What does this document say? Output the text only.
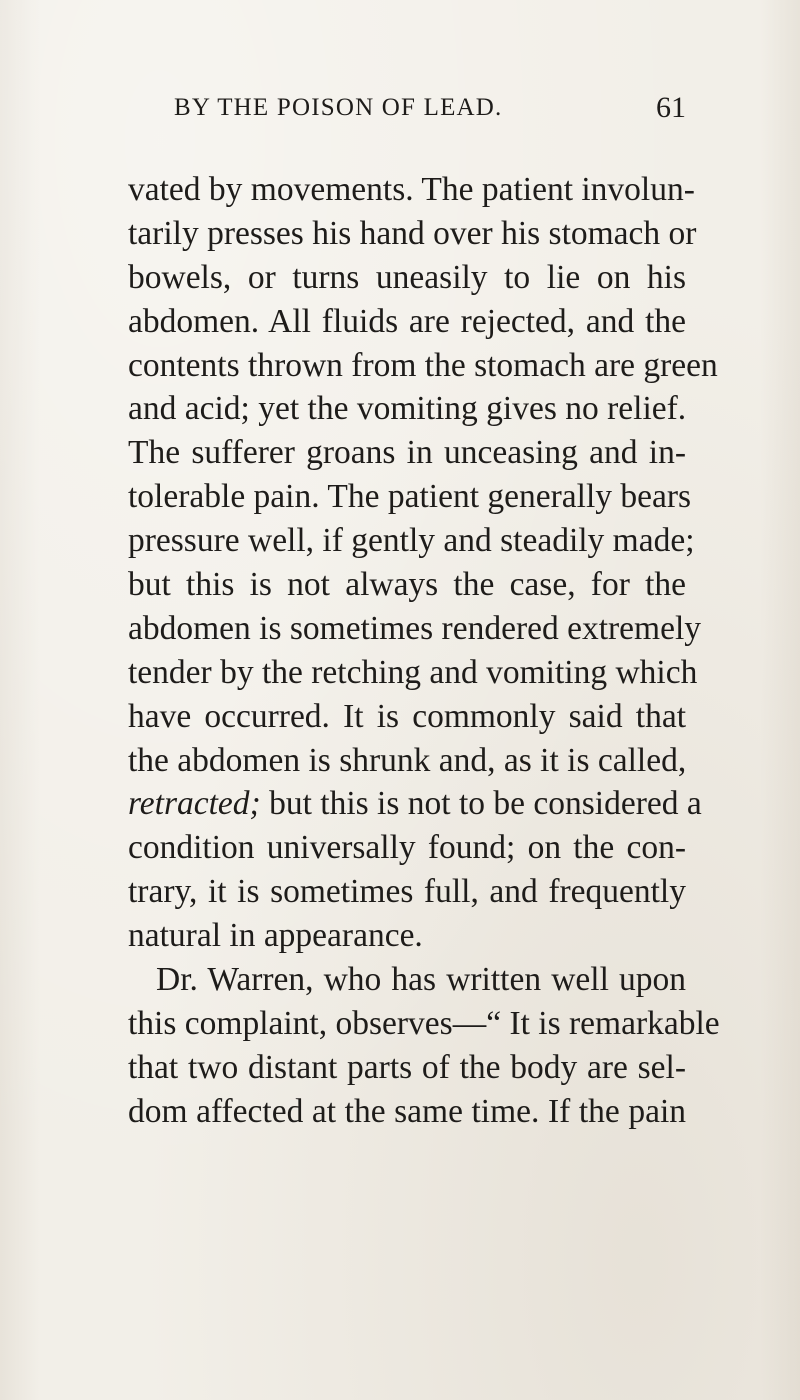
BY THE POISON OF LEAD.	61
vated by movements. The patient involun-
tarily presses his hand over his stomach or
bowels, or turns uneasily to lie on his
abdomen. All fluids are rejected, and the
contents thrown from the stomach are green
and acid; yet the vomiting gives no relief.
The sufferer groans in unceasing and in-
tolerable pain. The patient generally bears
pressure well, if gently and steadily made;
but this is not always the case, for the
abdomen is sometimes rendered extremely
tender by the retching and vomiting which
have occurred. It is commonly said that
the abdomen is shrunk and, as it is called,
retracted; but this is not to be considered a
condition universally found; on the con-
trary, it is sometimes full, and frequently
natural in appearance.
Dr. Warren, who has written well upon
this complaint, observes—“ It is remarkable
that two distant parts of the body are sel-
dom affected at the same time. If the pain
